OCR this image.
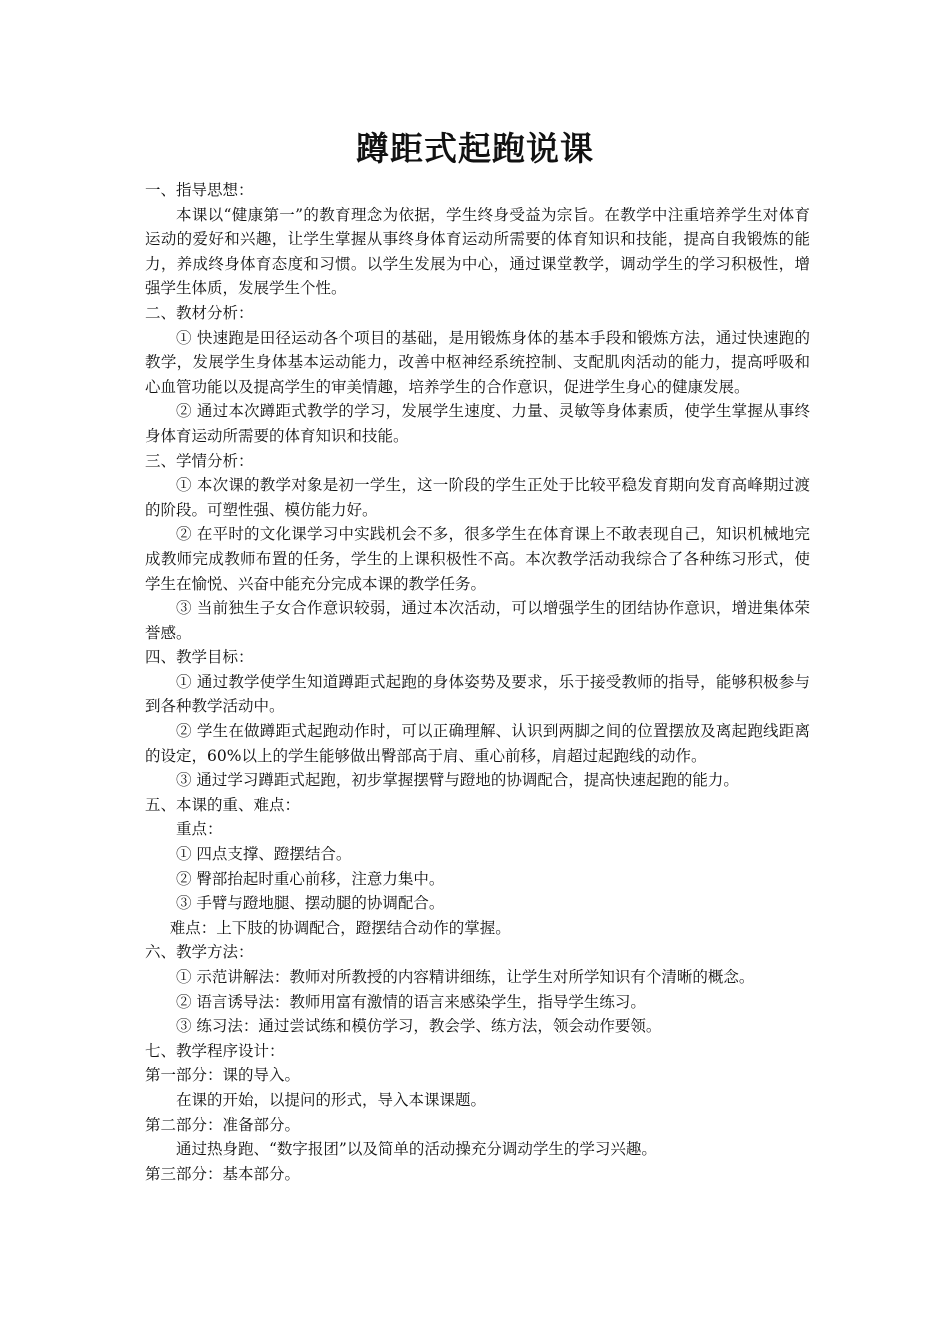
蹲距式起跑说课

一、指导思想：

本课以“健康第一”的教育理念为依据，学生终身受益为宗旨。在教学中注重培养学生对体育运动的爱好和兴趣，让学生掌握从事终身体育运动所需要的体育知识和技能，提高自我锻炼的能力，养成终身体育态度和习惯。以学生发展为中心，通过课堂教学，调动学生的学习积极性，增强学生体质，发展学生个性。

二、教材分析：

① 快速跑是田径运动各个项目的基础，是用锻炼身体的基本手段和锻炼方法，通过快速跑的教学，发展学生身体基本运动能力，改善中枢神经系统控制、支配肌肉活动的能力，提高呼吸和心血管功能以及提高学生的审美情趣，培养学生的合作意识，促进学生身心的健康发展。

② 通过本次蹲距式教学的学习，发展学生速度、力量、灵敏等身体素质，使学生掌握从事终身体育运动所需要的体育知识和技能。

三、学情分析：

① 本次课的教学对象是初一学生，这一阶段的学生正处于比较平稳发育期向发育高峰期过渡的阶段。可塑性强、模仿能力好。

② 在平时的文化课学习中实践机会不多，很多学生在体育课上不敢表现自己，知识机械地完成教师完成教师布置的任务，学生的上课积极性不高。本次教学活动我综合了各种练习形式，使学生在愉悦、兴奋中能充分完成本课的教学任务。

③ 当前独生子女合作意识较弱，通过本次活动，可以增强学生的团结协作意识，增进集体荣誉感。

四、教学目标：

① 通过教学使学生知道蹲距式起跑的身体姿势及要求，乐于接受教师的指导，能够积极参与到各种教学活动中。

② 学生在做蹲距式起跑动作时，可以正确理解、认识到两脚之间的位置摆放及离起跑线距离的设定，60%以上的学生能够做出臀部高于肩、重心前移，肩超过起跑线的动作。

③ 通过学习蹲距式起跑，初步掌握摆臂与蹬地的协调配合，提高快速起跑的能力。

五、本课的重、难点：

重点：

① 四点支撑、蹬摆结合。

② 臀部抬起时重心前移，注意力集中。

③ 手臂与蹬地腿、摆动腿的协调配合。

难点：上下肢的协调配合，蹬摆结合动作的掌握。

六、教学方法：

① 示范讲解法：教师对所教授的内容精讲细练，让学生对所学知识有个清晰的概念。

② 语言诱导法：教师用富有激情的语言来感染学生，指导学生练习。

③ 练习法：通过尝试练和模仿学习，教会学、练方法，领会动作要领。

七、教学程序设计：

第一部分：课的导入。

在课的开始，以提问的形式，导入本课课题。

第二部分：准备部分。

通过热身跑、“数字报团”以及简单的活动操充分调动学生的学习兴趣。

第三部分：基本部分。
